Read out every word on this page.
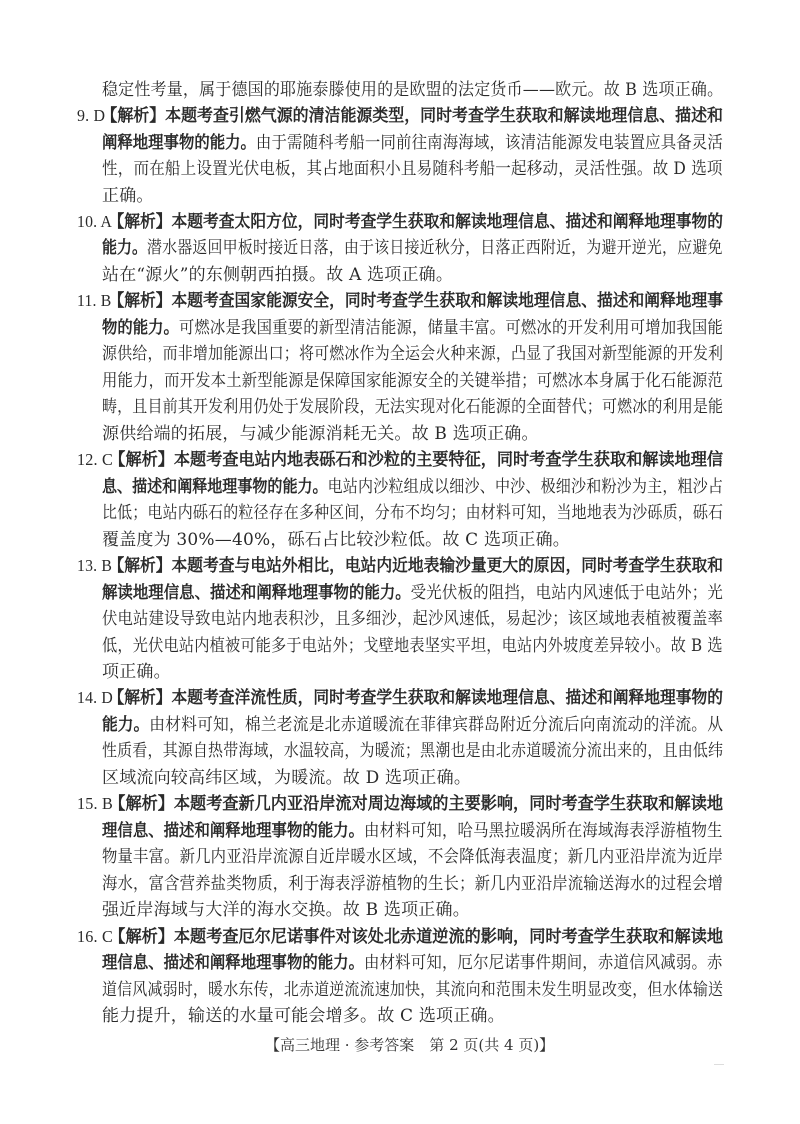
稳定性考量，属于德国的耶施泰滕使用的是欧盟的法定货币——欧元。故 B 选项正确。
9. D【解析】本题考查引燃气源的清洁能源类型，同时考查学生获取和解读地理信息、描述和
阐释地理事物的能力。由于需随科考船一同前往南海海域，该清洁能源发电装置应具备灵活
性，而在船上设置光伏电板，其占地面积小且易随科考船一起移动，灵活性强。故 D 选项
正确。
10. A【解析】本题考查太阳方位，同时考查学生获取和解读地理信息、描述和阐释地理事物的
能力。潜水器返回甲板时接近日落，由于该日接近秋分，日落正西附近，为避开逆光，应避免
站在“源火”的东侧朝西拍摄。故 A 选项正确。
11. B【解析】本题考查国家能源安全，同时考查学生获取和解读地理信息、描述和阐释地理事
物的能力。可燃冰是我国重要的新型清洁能源，储量丰富。可燃冰的开发利用可增加我国能
源供给，而非增加能源出口；将可燃冰作为全运会火种来源，凸显了我国对新型能源的开发利
用能力，而开发本土新型能源是保障国家能源安全的关键举措；可燃冰本身属于化石能源范
畴，且目前其开发利用仍处于发展阶段，无法实现对化石能源的全面替代；可燃冰的利用是能
源供给端的拓展，与减少能源消耗无关。故 B 选项正确。
12. C【解析】本题考查电站内地表砾石和沙粒的主要特征，同时考查学生获取和解读地理信
息、描述和阐释地理事物的能力。电站内沙粒组成以细沙、中沙、极细沙和粉沙为主，粗沙占
比低；电站内砾石的粒径存在多种区间，分布不均匀；由材料可知，当地地表为沙砾质，砾石
覆盖度为 30%—40%，砾石占比较沙粒低。故 C 选项正确。
13. B【解析】本题考查与电站外相比，电站内近地表输沙量更大的原因，同时考查学生获取和
解读地理信息、描述和阐释地理事物的能力。受光伏板的阻挡，电站内风速低于电站外；光
伏电站建设导致电站内地表积沙，且多细沙，起沙风速低，易起沙；该区域地表植被覆盖率
低，光伏电站内植被可能多于电站外；戈壁地表坚实平坦，电站内外坡度差异较小。故 B 选
项正确。
14. D【解析】本题考查洋流性质，同时考查学生获取和解读地理信息、描述和阐释地理事物的
能力。由材料可知，棉兰老流是北赤道暖流在菲律宾群岛附近分流后向南流动的洋流。从
性质看，其源自热带海域，水温较高，为暖流；黑潮也是由北赤道暖流分流出来的，且由低纬
区域流向较高纬区域，为暖流。故 D 选项正确。
15. B【解析】本题考查新几内亚沿岸流对周边海域的主要影响，同时考查学生获取和解读地
理信息、描述和阐释地理事物的能力。由材料可知，哈马黑拉暖涡所在海域海表浮游植物生
物量丰富。新几内亚沿岸流源自近岸暖水区域，不会降低海表温度；新几内亚沿岸流为近岸
海水，富含营养盐类物质，利于海表浮游植物的生长；新几内亚沿岸流输送海水的过程会增
强近岸海域与大洋的海水交换。故 B 选项正确。
16. C【解析】本题考查厄尔尼诺事件对该处北赤道逆流的影响，同时考查学生获取和解读地
理信息、描述和阐释地理事物的能力。由材料可知，厄尔尼诺事件期间，赤道信风减弱。赤
道信风减弱时，暖水东传，北赤道逆流流速加快，其流向和范围未发生明显改变，但水体输送
能力提升，输送的水量可能会增多。故 C 选项正确。
【高三地理 · 参考答案　第 2 页(共 4 页)】
